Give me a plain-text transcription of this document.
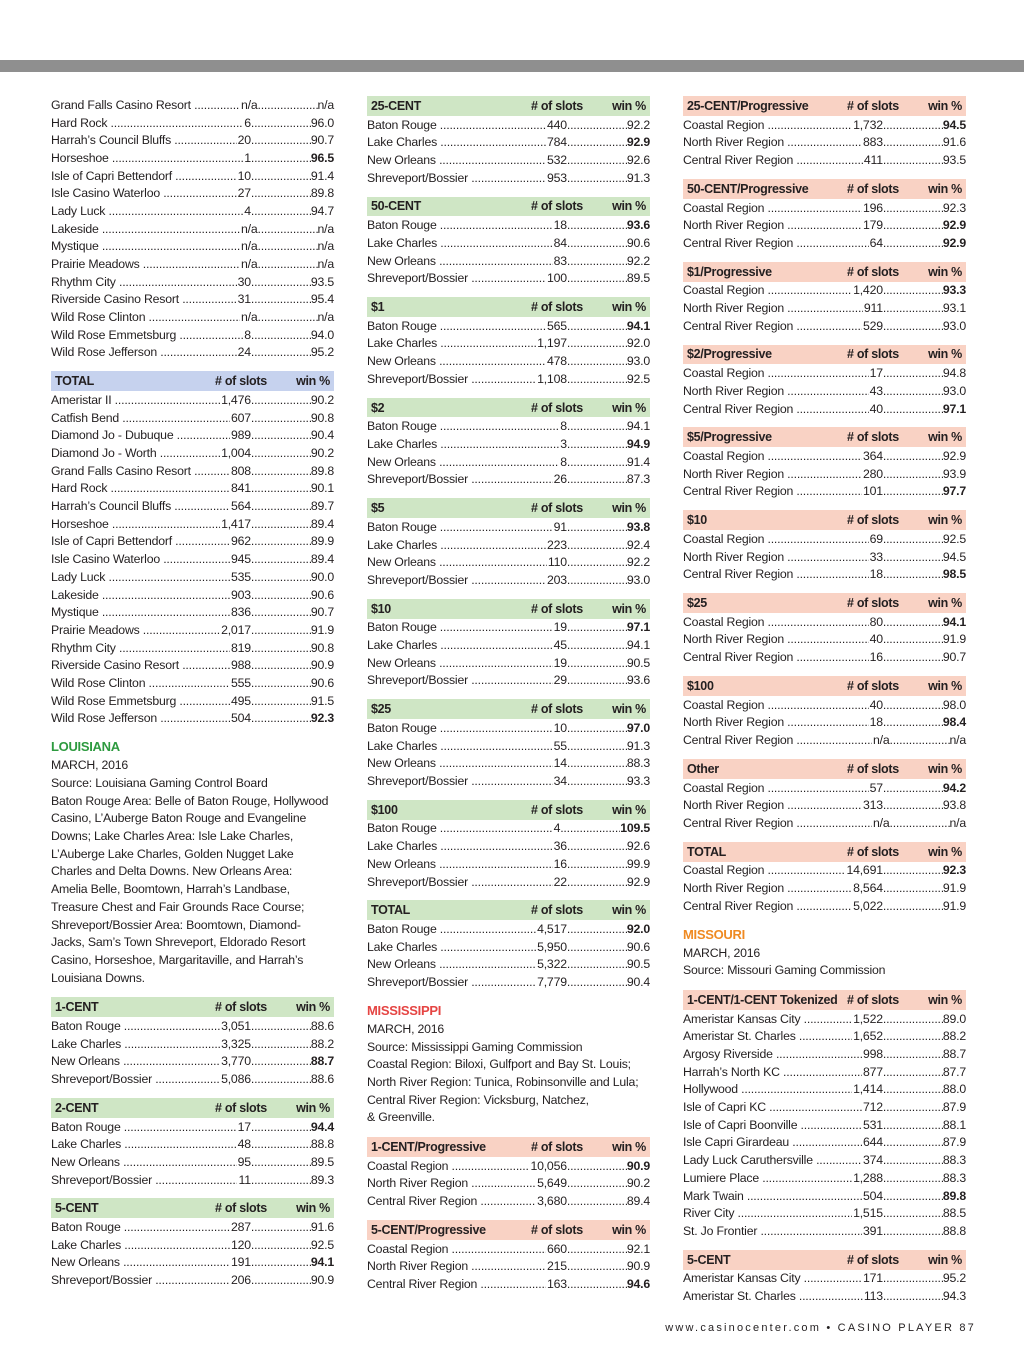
Grand Falls Casino Resort .....	n/a .....	n/a
Hard Rock .....	6 .....	96.0
Harrah’s Council Bluffs .....	20 .....	90.7
Horseshoe .....	1 .....	96.5
Isle of Capri Bettendorf .....	10 .....	91.4
Isle Casino Waterloo .....	27 .....	89.8
Lady Luck .....	4 .....	94.7
Lakeside .....	n/a .....	n/a
Mystique .....	n/a .....	n/a
Prairie Meadows .....	n/a .....	n/a
Rhythm City .....	30 .....	93.5
Riverside Casino Resort .....	31 .....	95.4
Wild Rose Clinton .....	n/a .....	n/a
Wild Rose Emmetsburg .....	8 .....	94.0
Wild Rose Jefferson .....	24 .....	95.2
TOTAL	# of slots	win %
Ameristar II .....	1,476 .....	90.2
Catfish Bend .....	607 .....	90.8
Diamond Jo - Dubuque .....	989 .....	90.4
Diamond Jo - Worth .....	1,004 .....	90.2
Grand Falls Casino Resort .....	808 .....	89.8
Hard Rock .....	841 .....	90.1
Harrah’s Council Bluffs .....	564 .....	89.7
Horseshoe .....	1,417 .....	89.4
Isle of Capri Bettendorf .....	962 .....	89.9
Isle Casino Waterloo .....	945 .....	89.4
Lady Luck .....	535 .....	90.0
Lakeside .....	903 .....	90.6
Mystique .....	836 .....	90.7
Prairie Meadows .....	2,017 .....	91.9
Rhythm City .....	819 .....	90.8
Riverside Casino Resort .....	988 .....	90.9
Wild Rose Clinton .....	555 .....	90.6
Wild Rose Emmetsburg .....	495 .....	91.5
Wild Rose Jefferson .....	504 .....	92.3
LOUISIANA
MARCH, 2016
Source: Louisiana Gaming Control Board
Baton Rouge Area: Belle of Baton Rouge, Hollywood
Casino, L’Auberge Baton Rouge and Evangeline
Downs; Lake Charles Area: Isle Lake Charles,
L’Auberge Lake Charles, Golden Nugget Lake
Charles and Delta Downs. New Orleans Area:
Amelia Belle, Boomtown, Harrah’s Landbase,
Treasure Chest and Fair Grounds Race Course;
Shreveport/Bossier Area: Boomtown, Diamond-
Jacks, Sam’s Town Shreveport, Eldorado Resort
Casino, Horseshoe, Margaritaville, and Harrah’s
Louisiana Downs.
1-CENT	# of slots	win %
Baton Rouge .....	3,051 .....	88.6
Lake Charles .....	3,325 .....	88.2
New Orleans .....	3,770 .....	88.7
Shreveport/Bossier .....	5,086 .....	88.6
2-CENT	# of slots	win %
Baton Rouge .....	17 .....	94.4
Lake Charles .....	48 .....	88.8
New Orleans .....	95 .....	89.5
Shreveport/Bossier .....	11 .....	89.3
5-CENT	# of slots	win %
Baton Rouge .....	287 .....	91.6
Lake Charles .....	120 .....	92.5
New Orleans .....	191 .....	94.1
Shreveport/Bossier .....	206 .....	90.9
25-CENT	# of slots	win %
Baton Rouge .....	440 .....	92.2
Lake Charles .....	784 .....	92.9
New Orleans .....	532 .....	92.6
Shreveport/Bossier .....	953 .....	91.3
50-CENT	# of slots	win %
Baton Rouge .....	18 .....	93.6
Lake Charles .....	84 .....	90.6
New Orleans .....	83 .....	92.2
Shreveport/Bossier .....	100 .....	89.5
$1	# of slots	win %
Baton Rouge .....	565 .....	94.1
Lake Charles .....	1,197 .....	92.0
New Orleans .....	478 .....	93.0
Shreveport/Bossier .....	1,108 .....	92.5
$2	# of slots	win %
Baton Rouge .....	8 .....	94.1
Lake Charles .....	3 .....	94.9
New Orleans .....	8 .....	91.4
Shreveport/Bossier .....	26 .....	87.3
$5	# of slots	win %
Baton Rouge .....	91 .....	93.8
Lake Charles .....	223 .....	92.4
New Orleans .....	110 .....	92.2
Shreveport/Bossier .....	203 .....	93.0
$10	# of slots	win %
Baton Rouge .....	19 .....	97.1
Lake Charles .....	45 .....	94.1
New Orleans .....	19 .....	90.5
Shreveport/Bossier .....	29 .....	93.6
$25	# of slots	win %
Baton Rouge .....	10 .....	97.0
Lake Charles .....	55 .....	91.3
New Orleans .....	14 .....	88.3
Shreveport/Bossier .....	34 .....	93.3
$100	# of slots	win %
Baton Rouge .....	4 .....	109.5
Lake Charles .....	36 .....	92.6
New Orleans .....	16 .....	99.9
Shreveport/Bossier .....	22 .....	92.9
TOTAL	# of slots	win %
Baton Rouge .....	4,517 .....	92.0
Lake Charles .....	5,950 .....	90.6
New Orleans .....	5,322 .....	90.5
Shreveport/Bossier .....	7,779 .....	90.4
MISSISSIPPI
MARCH, 2016
Source: Mississippi Gaming Commission
Coastal Region: Biloxi, Gulfport and Bay St. Louis;
North River Region: Tunica, Robinsonville and Lula;
Central River Region: Vicksburg, Natchez,
& Greenville.
1-CENT/Progressive	# of slots	win %
Coastal Region .....	10,056 .....	90.9
North River Region .....	5,649 .....	90.2
Central River Region .....	3,680 .....	89.4
5-CENT/Progressive	# of slots	win %
Coastal Region .....	660 .....	92.1
North River Region .....	215 .....	90.9
Central River Region .....	163 .....	94.6
25-CENT/Progressive	# of slots	win %
Coastal Region .....	1,732 .....	94.5
North River Region .....	883 .....	91.6
Central River Region .....	411 .....	93.5
50-CENT/Progressive	# of slots	win %
Coastal Region .....	196 .....	92.3
North River Region .....	179 .....	92.9
Central River Region .....	64 .....	92.9
$1/Progressive	# of slots	win %
Coastal Region .....	1,420 .....	93.3
North River Region .....	911 .....	93.1
Central River Region .....	529 .....	93.0
$2/Progressive	# of slots	win %
Coastal Region .....	17 .....	94.8
North River Region .....	43 .....	93.0
Central River Region .....	40 .....	97.1
$5/Progressive	# of slots	win %
Coastal Region .....	364 .....	92.9
North River Region .....	280 .....	93.9
Central River Region .....	101 .....	97.7
$10	# of slots	win %
Coastal Region .....	69 .....	92.5
North River Region .....	33 .....	94.5
Central River Region .....	18 .....	98.5
$25	# of slots	win %
Coastal Region .....	80 .....	94.1
North River Region .....	40 .....	91.9
Central River Region .....	16 .....	90.7
$100	# of slots	win %
Coastal Region .....	40 .....	98.0
North River Region .....	18 .....	98.4
Central River Region .....	n/a .....	n/a
Other	# of slots	win %
Coastal Region .....	57 .....	94.2
North River Region .....	313 .....	93.8
Central River Region .....	n/a .....	n/a
TOTAL	# of slots	win %
Coastal Region .....	14,691 .....	92.3
North River Region .....	8,564 .....	91.9
Central River Region .....	5,022 .....	91.9
MISSOURI
MARCH, 2016
Source: Missouri Gaming Commission
1-CENT/1-CENT Tokenized # of slots	win %
Ameristar Kansas City .....	1,522 .....	89.0
Ameristar St. Charles .....	1,652 .....	88.2
Argosy Riverside .....	998 .....	88.7
Harrah’s North KC .....	877 .....	87.7
Hollywood .....	1,414 .....	88.0
Isle of Capri KC .....	712 .....	87.9
Isle of Capri Boonville .....	531 .....	88.1
Isle Capri Girardeau .....	644 .....	87.9
Lady Luck Caruthersville .....	374 .....	88.3
Lumiere Place .....	1,288 .....	88.3
Mark Twain .....	504 .....	89.8
River City .....	1,515 .....	88.5
St. Jo Frontier .....	391 .....	88.8
5-CENT	# of slots	win %
Ameristar Kansas City .....	171 .....	95.2
Ameristar St. Charles .....	113 .....	94.3
www.casinocenter.com • CASINO PLAYER 87
